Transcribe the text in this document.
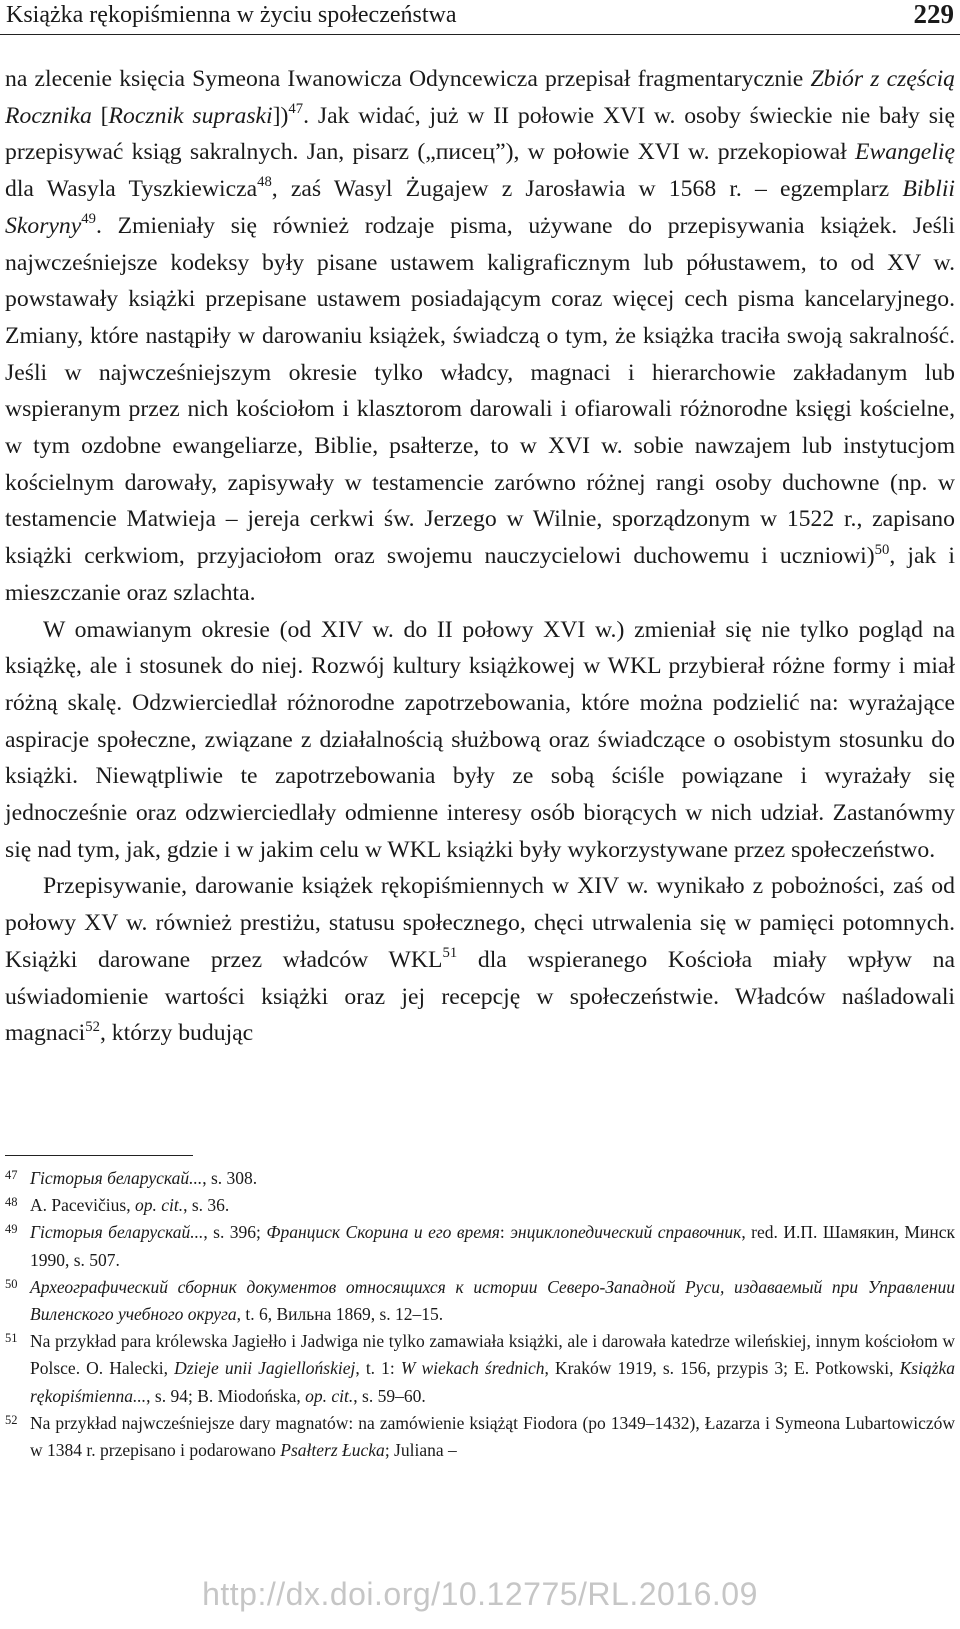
Książka rękopiśmienna w życiu społeczeństwa	229

na zlecenie księcia Symeona Iwanowicza Odyncewicza przepisał fragmentarycznie Zbiór z częścią Rocznika [Rocznik supraski])$^{47}$. Jak widać, już w II połowie XVI w. osoby świeckie nie bały się przepisywać ksiąg sakralnych. Jan, pisarz („писец”), w połowie XVI w. przekopiował Ewangelię dla Wasyla Tyszkiewicza$^{48}$, zaś Wasyl Żugajew z Jarosławia w 1568 r. – egzemplarz Biblii Skoryny$^{49}$. Zmieniały się również rodzaje pisma, używane do przepisywania książek. Jeśli najwcześniejsze kodeksy były pisane ustawem kaligraficznym lub półustawem, to od XV w. powstawały książki przepisane ustawem posiadającym coraz więcej cech pisma kancelaryjnego. Zmiany, które nastąpiły w darowaniu książek, świadczą o tym, że książka traciła swoją sakralność. Jeśli w najwcześniejszym okresie tylko władcy, magnaci i hierarchowie zakładanym lub wspieranym przez nich kościołom i klasztorom darowali i ofiarowali różnorodne księgi kościelne, w tym ozdobne ewangeliarze, Biblie, psałterze, to w XVI w. sobie nawzajem lub instytucjom kościelnym darowały, zapisywały w testamencie zarówno różnej rangi osoby duchowne (np. w testamencie Matwieja – jereja cerkwi św. Jerzego w Wilnie, sporządzonym w 1522 r., zapisano książki cerkwiom, przyjaciołom oraz swojemu nauczycielowi duchowemu i uczniowi)$^{50}$, jak i mieszczanie oraz szlachta.

W omawianym okresie (od XIV w. do II połowy XVI w.) zmieniał się nie tylko pogląd na książkę, ale i stosunek do niej. Rozwój kultury książkowej w WKL przybierał różne formy i miał różną skalę. Odzwierciedlał różnorodne zapotrzebowania, które można podzielić na: wyrażające aspiracje społeczne, związane z działalnością służbową oraz świadczące o osobistym stosunku do książki. Niewątpliwie te zapotrzebowania były ze sobą ściśle powiązane i wyrażały się jednocześnie oraz odzwierciedlały odmienne interesy osób biorących w nich udział. Zastanówmy się nad tym, jak, gdzie i w jakim celu w WKL książki były wykorzystywane przez społeczeństwo.

Przepisywanie, darowanie książek rękopiśmiennych w XIV w. wynikało z pobożności, zaś od połowy XV w. również prestiżu, statusu społecznego, chęci utrwalenia się w pamięci potomnych. Książki darowane przez władców WKL$^{51}$ dla wspieranego Kościoła miały wpływ na uświadomienie wartości książki oraz jej recepcję w społeczeństwie. Władców naśladowali magnaci$^{52}$, którzy budując

47 Гісторыя беларускай..., s. 308.
48 A. Pacevičius, op. cit., s. 36.
49 Гісторыя беларускай..., s. 396; Франциск Скорина и его время: энциклопедический справочник, red. И.П. Шамякин, Минск 1990, s. 507.
50 Археографический сборник документов относящихся к истории Северо-Западной Руси, издаваемый при Управлении Виленского учебного округа, t. 6, Вильна 1869, s. 12–15.
51 Na przykład para królewska Jagiełło i Jadwiga nie tylko zamawiała książki, ale i darowała katedrze wileńskiej, innym kościołom w Polsce. O. Halecki, Dzieje unii Jagiellońskiej, t. 1: W wiekach średnich, Kraków 1919, s. 156, przypis 3; E. Potkowski, Książka rękopiśmienna..., s. 94; B. Miodońska, op. cit., s. 59–60.
52 Na przykład najwcześniejsze dary magnatów: na zamówienie książąt Fiodora (po 1349–1432), Łazarza i Symeona Lubartowiczów w 1384 r. przepisano i podarowano Psałterz Łucka; Juliana –
http://dx.doi.org/10.12775/RL.2016.09
